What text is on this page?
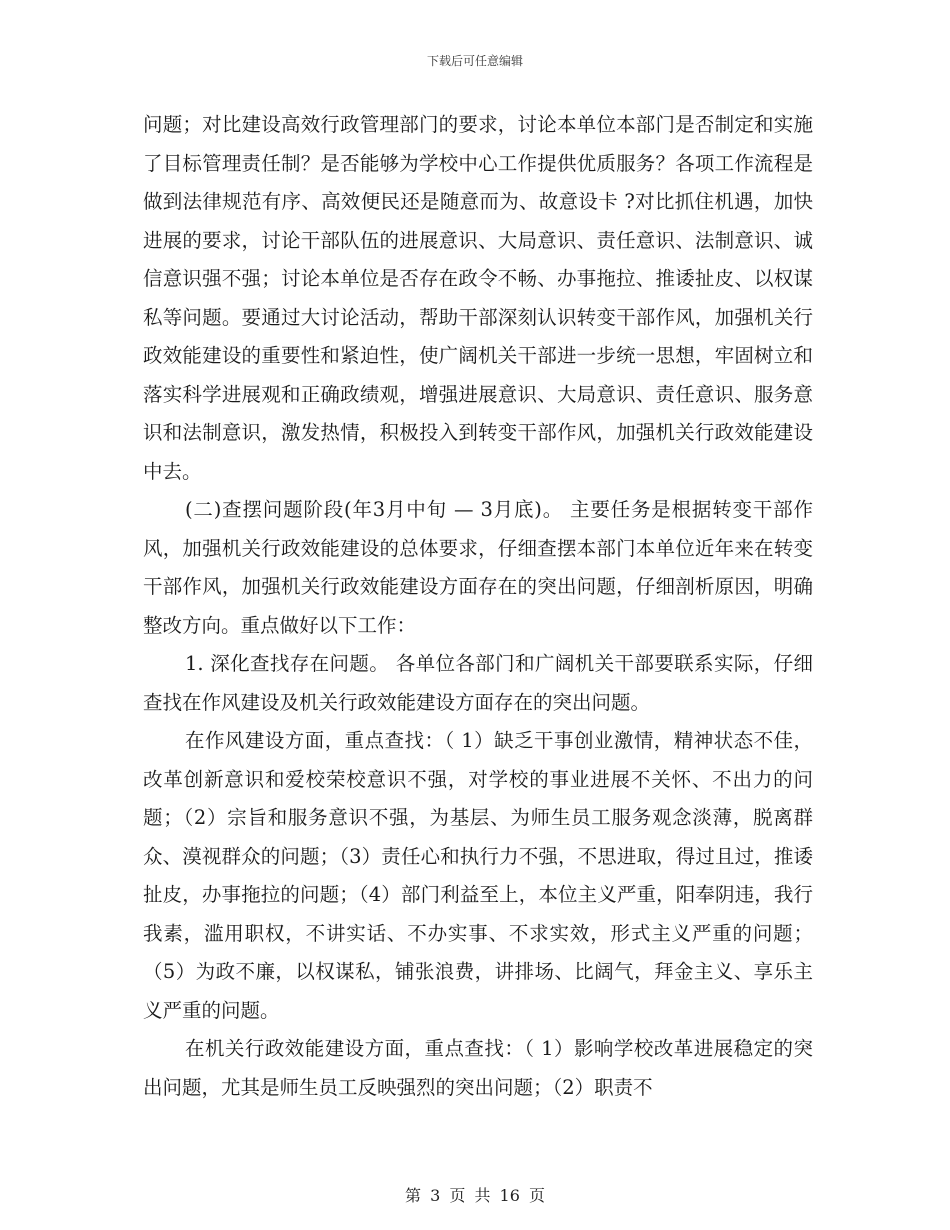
下载后可任意编辑

问题；对比建设高效行政管理部门的要求，讨论本单位本部门是否制定和实施了目标管理责任制？是否能够为学校中心工作提供优质服务？各项工作流程是做到法律规范有序、高效便民还是随意而为、故意设卡 ?对比抓住机遇，加快进展的要求，讨论干部队伍的进展意识、大局意识、责任意识、法制意识、诚信意识强不强；讨论本单位是否存在政令不畅、办事拖拉、推诿扯皮、以权谋私等问题。要通过大讨论活动，帮助干部深刻认识转变干部作风，加强机关行政效能建设的重要性和紧迫性，使广阔机关干部进一步统一思想，牢固树立和落实科学进展观和正确政绩观，增强进展意识、大局意识、责任意识、服务意识和法制意识，激发热情，积极投入到转变干部作风，加强机关行政效能建设中去。

(二)查摆问题阶段(年3月中旬 — 3月底)。 主要任务是根据转变干部作风，加强机关行政效能建设的总体要求，仔细查摆本部门本单位近年来在转变干部作风，加强机关行政效能建设方面存在的突出问题，仔细剖析原因，明确整改方向。重点做好以下工作：

1. 深化查找存在问题。 各单位各部门和广阔机关干部要联系实际，仔细查找在作风建设及机关行政效能建设方面存在的突出问题。

在作风建设方面，重点查找：（ 1）缺乏干事创业激情，精神状态不佳，改革创新意识和爱校荣校意识不强，对学校的事业进展不关怀、不出力的问题；（2）宗旨和服务意识不强，为基层、为师生员工服务观念淡薄，脱离群众、漠视群众的问题；（3）责任心和执行力不强，不思进取，得过且过，推诿扯皮，办事拖拉的问题；（4）部门利益至上，本位主义严重，阳奉阴违，我行我素，滥用职权，不讲实话、不办实事、不求实效，形式主义严重的问题；（5）为政不廉，以权谋私，铺张浪费，讲排场、比阔气，拜金主义、享乐主义严重的问题。

在机关行政效能建设方面，重点查找：（ 1）影响学校改革进展稳定的突出问题，尤其是师生员工反映强烈的突出问题；（2）职责不

第 3 页 共 16 页
